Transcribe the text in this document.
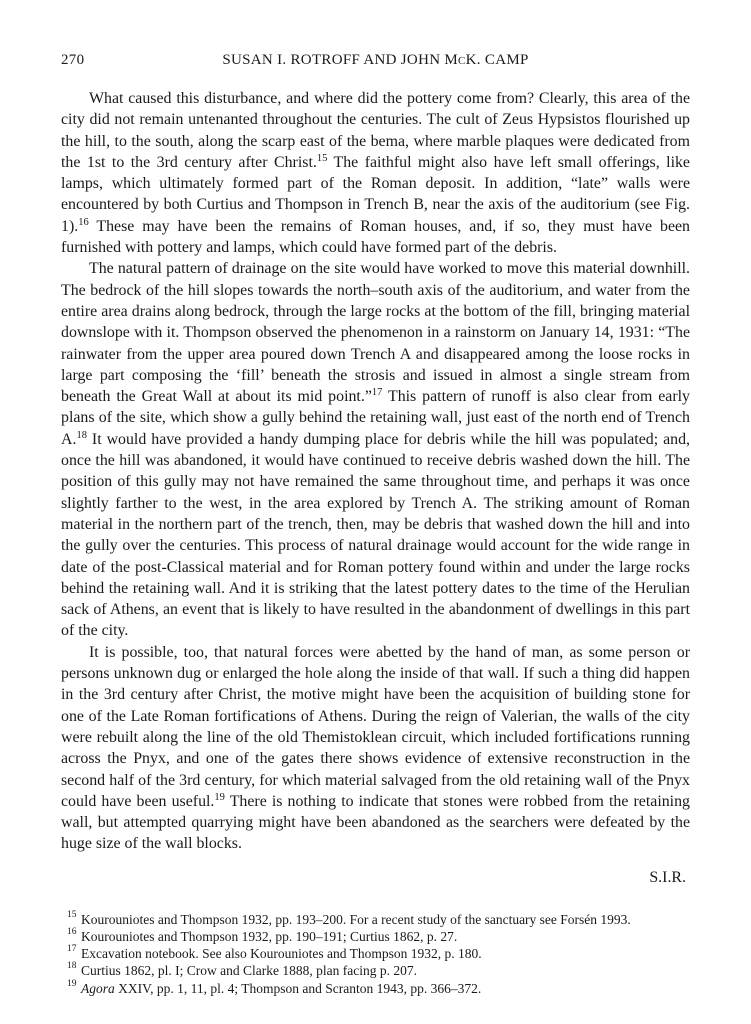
270	SUSAN I. ROTROFF AND JOHN McK. CAMP

What caused this disturbance, and where did the pottery come from? Clearly, this area of the city did not remain untenanted throughout the centuries. The cult of Zeus Hypsistos flourished up the hill, to the south, along the scarp east of the bema, where marble plaques were dedicated from the 1st to the 3rd century after Christ.$^{15}$ The faithful might also have left small offerings, like lamps, which ultimately formed part of the Roman deposit. In addition, “late” walls were encountered by both Curtius and Thompson in Trench B, near the axis of the auditorium (see Fig. 1).$^{16}$ These may have been the remains of Roman houses, and, if so, they must have been furnished with pottery and lamps, which could have formed part of the debris.

The natural pattern of drainage on the site would have worked to move this material downhill. The bedrock of the hill slopes towards the north–south axis of the auditorium, and water from the entire area drains along bedrock, through the large rocks at the bottom of the fill, bringing material downslope with it. Thompson observed the phenomenon in a rainstorm on January 14, 1931: “The rainwater from the upper area poured down Trench A and disappeared among the loose rocks in large part composing the ‘fill’ beneath the strosis and issued in almost a single stream from beneath the Great Wall at about its mid point.”$^{17}$ This pattern of runoff is also clear from early plans of the site, which show a gully behind the retaining wall, just east of the north end of Trench A.$^{18}$ It would have provided a handy dumping place for debris while the hill was populated; and, once the hill was abandoned, it would have continued to receive debris washed down the hill. The position of this gully may not have remained the same throughout time, and perhaps it was once slightly farther to the west, in the area explored by Trench A. The striking amount of Roman material in the northern part of the trench, then, may be debris that washed down the hill and into the gully over the centuries. This process of natural drainage would account for the wide range in date of the post-Classical material and for Roman pottery found within and under the large rocks behind the retaining wall. And it is striking that the latest pottery dates to the time of the Herulian sack of Athens, an event that is likely to have resulted in the abandonment of dwellings in this part of the city.

It is possible, too, that natural forces were abetted by the hand of man, as some person or persons unknown dug or enlarged the hole along the inside of that wall. If such a thing did happen in the 3rd century after Christ, the motive might have been the acquisition of building stone for one of the Late Roman fortifications of Athens. During the reign of Valerian, the walls of the city were rebuilt along the line of the old Themistoklean circuit, which included fortifications running across the Pnyx, and one of the gates there shows evidence of extensive reconstruction in the second half of the 3rd century, for which material salvaged from the old retaining wall of the Pnyx could have been useful.$^{19}$ There is nothing to indicate that stones were robbed from the retaining wall, but attempted quarrying might have been abandoned as the searchers were defeated by the huge size of the wall blocks.

S.I.R.
15 Kourouniotes and Thompson 1932, pp. 193–200. For a recent study of the sanctuary see Forsén 1993.
16 Kourouniotes and Thompson 1932, pp. 190–191; Curtius 1862, p. 27.
17 Excavation notebook. See also Kourouniotes and Thompson 1932, p. 180.
18 Curtius 1862, pl. I; Crow and Clarke 1888, plan facing p. 207.
19 Agora XXIV, pp. 1, 11, pl. 4; Thompson and Scranton 1943, pp. 366–372.
